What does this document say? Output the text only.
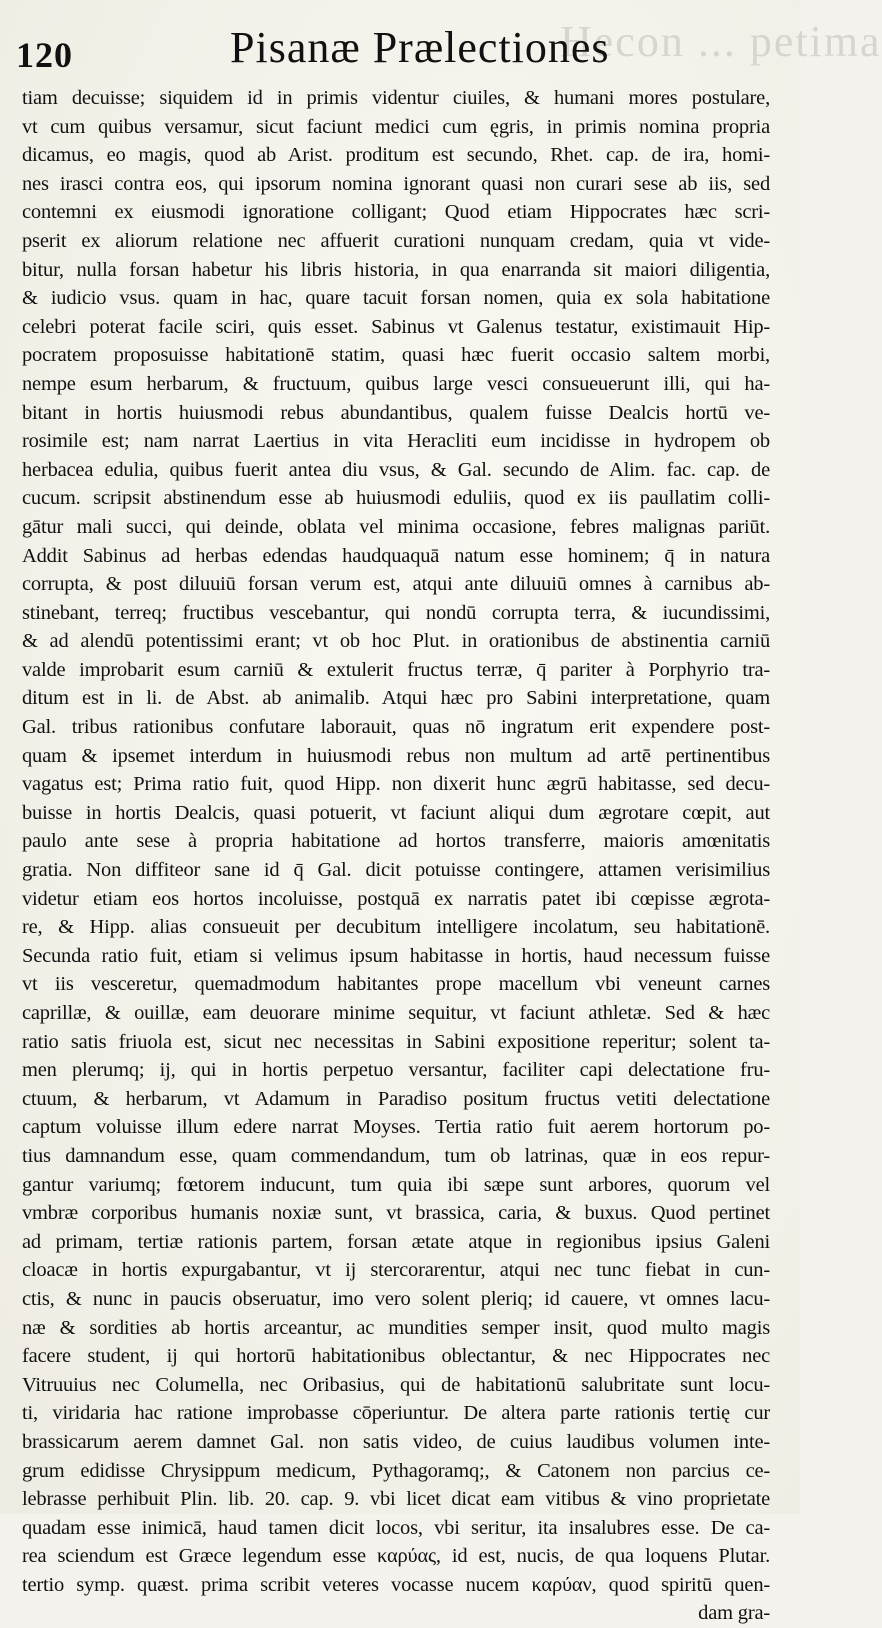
Hecon ... petima
120	Pisanæ Prælectiones
tiam decuisse; siquidem id in primis videntur ciuiles, & humani mores postulare,
vt cum quibus versamur, sicut faciunt medici cum ęgris, in primis nomina propria
dicamus, eo magis, quod ab Arist. proditum est secundo, Rhet. cap. de ira, homi-
nes irasci contra eos, qui ipsorum nomina ignorant quasi non curari sese ab iis, sed
contemni ex eiusmodi ignoratione colligant; Quod etiam Hippocrates hæc scri-
pserit ex aliorum relatione nec affuerit curationi nunquam credam, quia vt vide-
bitur, nulla forsan habetur his libris historia, in qua enarranda sit maiori diligentia,
& iudicio vsus. quam in hac, quare tacuit forsan nomen, quia ex sola habitatione
celebri poterat facile sciri, quis esset. Sabinus vt Galenus testatur, existimauit Hip-
pocratem proposuisse habitationē statim, quasi hæc fuerit occasio saltem morbi,
nempe esum herbarum, & fructuum, quibus large vesci consueuerunt illi, qui ha-
bitant in hortis huiusmodi rebus abundantibus, qualem fuisse Dealcis hortū ve-
rosimile est; nam narrat Laertius in vita Heracliti eum incidisse in hydropem ob
herbacea edulia, quibus fuerit antea diu vsus, & Gal. secundo de Alim. fac. cap. de
cucum. scripsit abstinendum esse ab huiusmodi eduliis, quod ex iis paullatim colli-
gātur mali succi, qui deinde, oblata vel minima occasione, febres malignas pariūt.
Addit Sabinus ad herbas edendas haudquaquā natum esse hominem; q̄ in natura
corrupta, & post diluuiū forsan verum est, atqui ante diluuiū omnes à carnibus ab-
stinebant, terreq; fructibus vescebantur, qui nondū corrupta terra, & iucundissimi,
& ad alendū potentissimi erant; vt ob hoc Plut. in orationibus de abstinentia carniū
valde improbarit esum carniū & extulerit fructus terræ, q̄ pariter à Porphyrio tra-
ditum est in li. de Abst. ab animalib. Atqui hæc pro Sabini interpretatione, quam
Gal. tribus rationibus confutare laborauit, quas nō ingratum erit expendere post-
quam & ipsemet interdum in huiusmodi rebus non multum ad artē pertinentibus
vagatus est; Prima ratio fuit, quod Hipp. non dixerit hunc ægrū habitasse, sed decu-
buisse in hortis Dealcis, quasi potuerit, vt faciunt aliqui dum ægrotare cœpit, aut
paulo ante sese à propria habitatione ad hortos transferre, maioris amœnitatis
gratia. Non diffiteor sane id q̄ Gal. dicit potuisse contingere, attamen verisimilius
videtur etiam eos hortos incoluisse, postquā ex narratis patet ibi cœpisse ægrota-
re, & Hipp. alias consueuit per decubitum intelligere incolatum, seu habitationē.
Secunda ratio fuit, etiam si velimus ipsum habitasse in hortis, haud necessum fuisse
vt iis vesceretur, quemadmodum habitantes prope macellum vbi veneunt carnes
caprillæ, & ouillæ, eam deuorare minime sequitur, vt faciunt athletæ. Sed & hæc
ratio satis friuola est, sicut nec necessitas in Sabini expositione reperitur; solent ta-
men plerumq; ij, qui in hortis perpetuo versantur, faciliter capi delectatione fru-
ctuum, & herbarum, vt Adamum in Paradiso positum fructus vetiti delectatione
captum voluisse illum edere narrat Moyses. Tertia ratio fuit aerem hortorum po-
tius damnandum esse, quam commendandum, tum ob latrinas, quæ in eos repur-
gantur variumq; fœtorem inducunt, tum quia ibi sæpe sunt arbores, quorum vel
vmbræ corporibus humanis noxiæ sunt, vt brassica, caria, & buxus. Quod pertinet
ad primam, tertiæ rationis partem, forsan ætate atque in regionibus ipsius Galeni
cloacæ in hortis expurgabantur, vt ij stercorarentur, atqui nec tunc fiebat in cun-
ctis, & nunc in paucis obseruatur, imo vero solent pleriq; id cauere, vt omnes lacu-
næ & sordities ab hortis arceantur, ac mundities semper insit, quod multo magis
facere student, ij qui hortorū habitationibus oblectantur, & nec Hippocrates nec
Vitruuius nec Columella, nec Oribasius, qui de habitationū salubritate sunt locu-
ti, viridaria hac ratione improbasse cōperiuntur. De altera parte rationis tertię cur
brassicarum aerem damnet Gal. non satis video, de cuius laudibus volumen inte-
grum edidisse Chrysippum medicum, Pythagoramq;, & Catonem non parcius ce-
lebrasse perhibuit Plin. lib. 20. cap. 9. vbi licet dicat eam vitibus & vino proprietate
quadam esse inimicā, haud tamen dicit locos, vbi seritur, ita insalubres esse. De ca-
rea sciendum est Græce legendum esse καρύας, id est, nucis, de qua loquens Plutar.
tertio symp. quæst. prima scribit veteres vocasse nucem καρύαν, quod spiritū quen-
dam gra-
